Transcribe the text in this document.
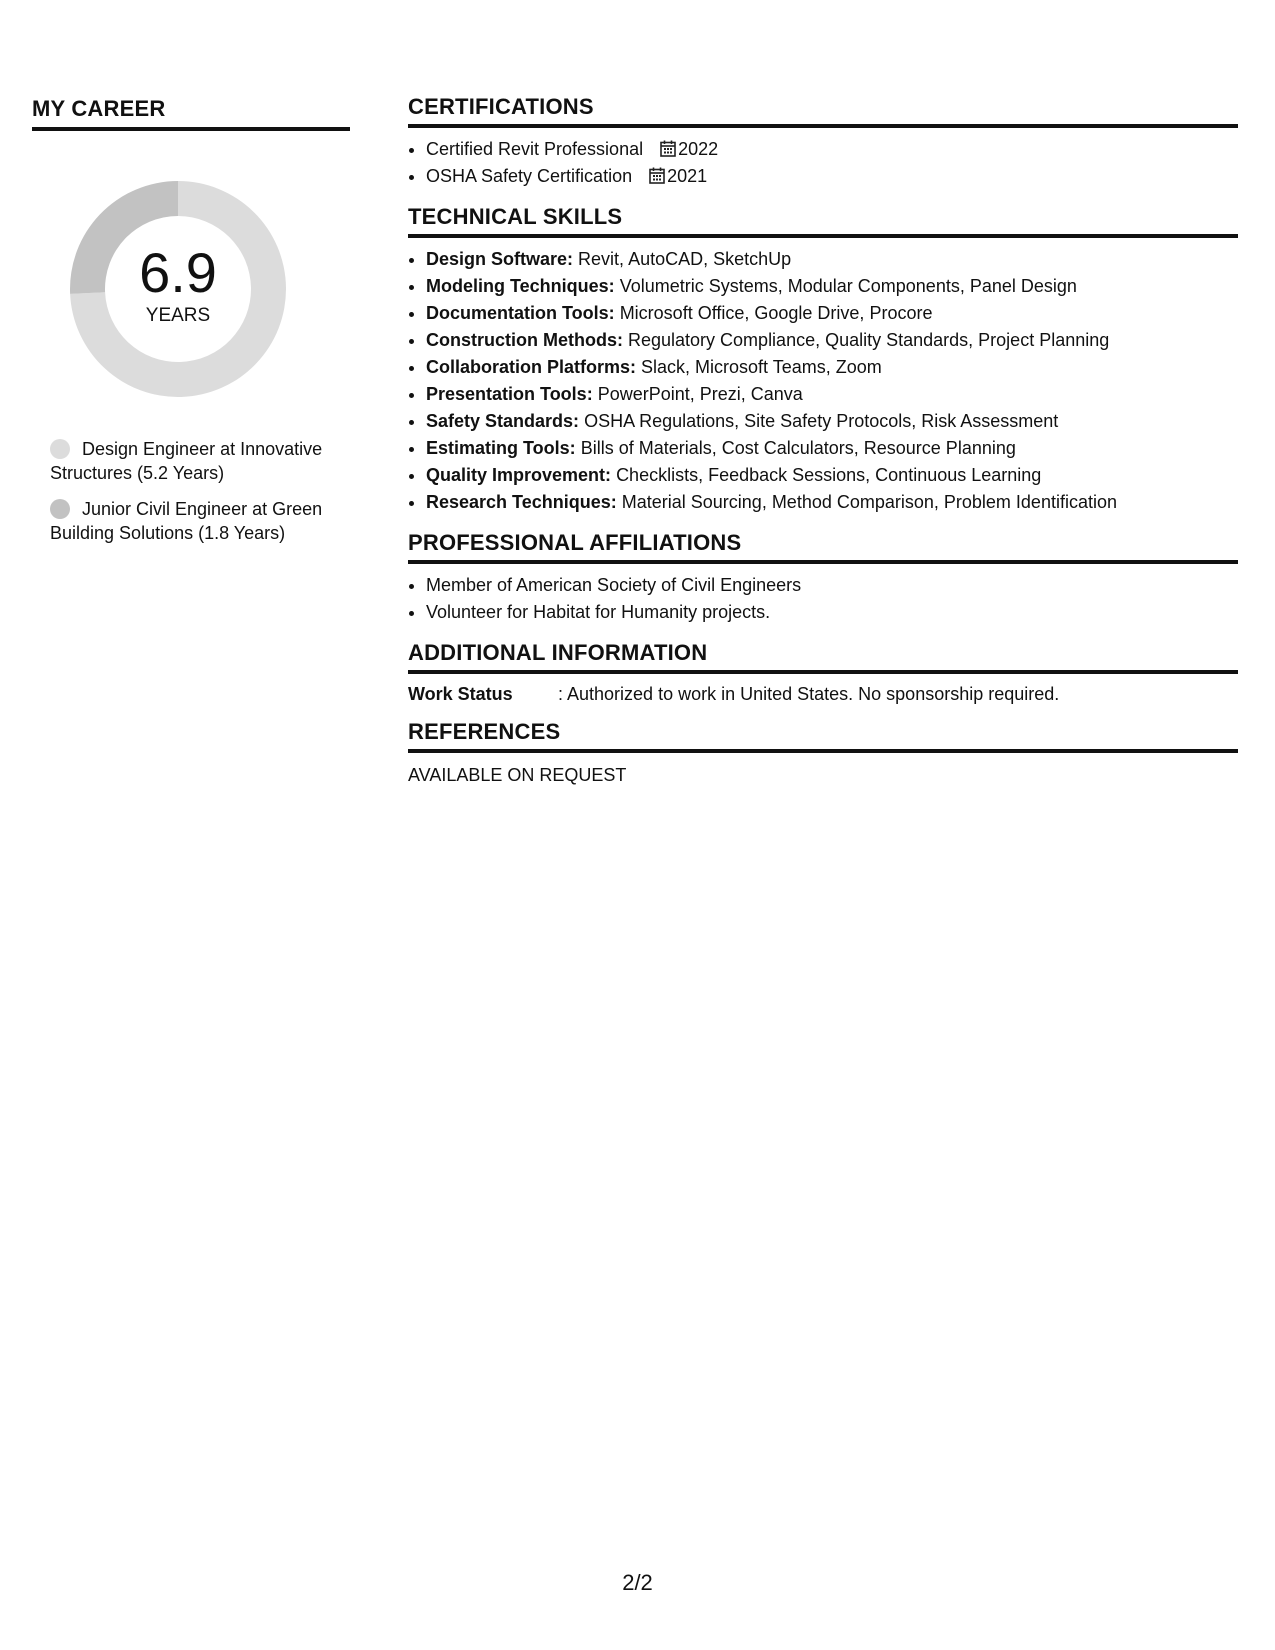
MY CAREER
6.9
YEARS
Design Engineer at Innovative Structures (5.2 Years)
Junior Civil Engineer at Green Building Solutions (1.8 Years)
CERTIFICATIONS
• Certified Revit Professional 2022
• OSHA Safety Certification 2021
TECHNICAL SKILLS
• Design Software: Revit, AutoCAD, SketchUp
• Modeling Techniques: Volumetric Systems, Modular Components, Panel Design
• Documentation Tools: Microsoft Office, Google Drive, Procore
• Construction Methods: Regulatory Compliance, Quality Standards, Project Planning
• Collaboration Platforms: Slack, Microsoft Teams, Zoom
• Presentation Tools: PowerPoint, Prezi, Canva
• Safety Standards: OSHA Regulations, Site Safety Protocols, Risk Assessment
• Estimating Tools: Bills of Materials, Cost Calculators, Resource Planning
• Quality Improvement: Checklists, Feedback Sessions, Continuous Learning
• Research Techniques: Material Sourcing, Method Comparison, Problem Identification
PROFESSIONAL AFFILIATIONS
• Member of American Society of Civil Engineers
• Volunteer for Habitat for Humanity projects.
ADDITIONAL INFORMATION
Work Status	: Authorized to work in United States. No sponsorship required.
REFERENCES
AVAILABLE ON REQUEST
2/2
